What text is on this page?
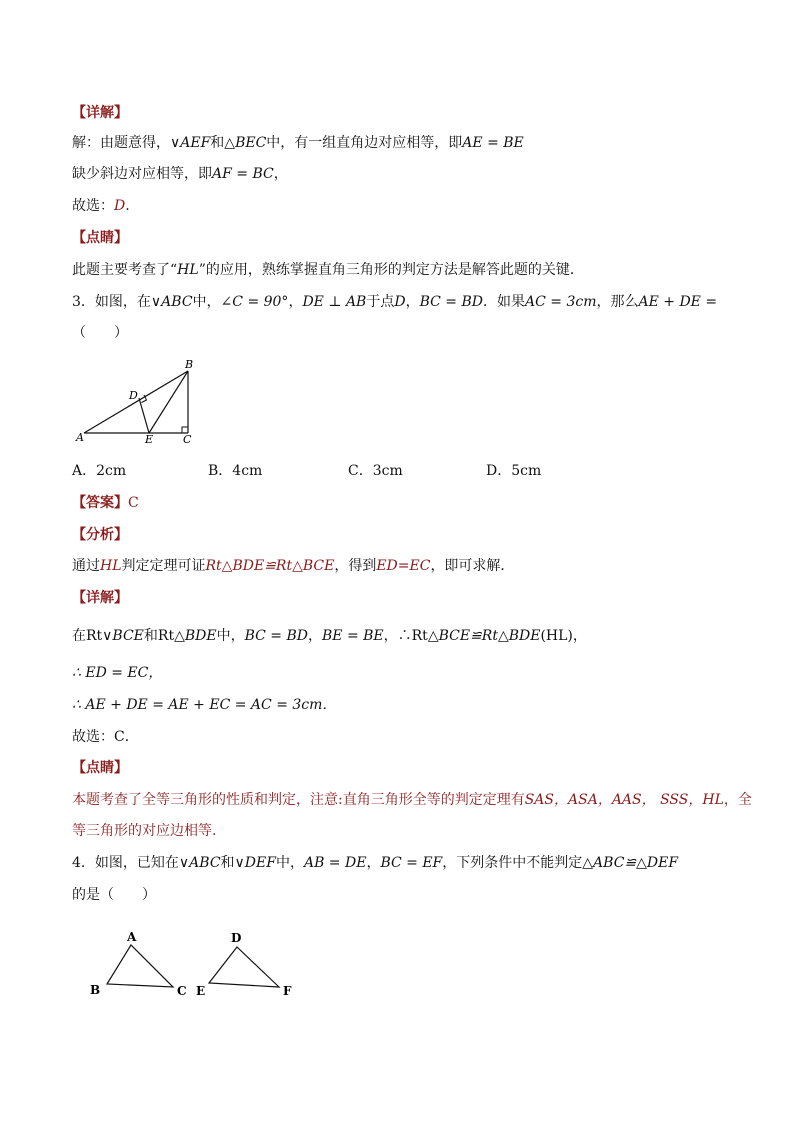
【详解】
解：由题意得，∨AEF和△BEC中，有一组直角边对应相等，即AE = BE
缺少斜边对应相等，即AF = BC，
故选：D.
【点睛】
此题主要考查了“HL”的应用，熟练掌握直角三角形的判定方法是解答此题的关键．
3．如图，在∨ABC中，∠C = 90°，DE ⊥ AB于点D，BC = BD．如果AC = 3cm，那么AE + DE =
（　　）
A
B
C
D
E
A．2cm	B．4cm	C．3cm	D．5cm
【答案】C
【分析】
通过HL判定定理可证Rt△BDE≌Rt△BCE，得到ED=EC，即可求解．
【详解】
在Rt∨BCE和Rt△BDE中，BC = BD，BE = BE，∴Rt△BCE≌Rt△BDE(HL)，
∴ ED = EC，
∴ AE + DE = AE + EC = AC = 3cm．
故选：C．
【点睛】
本题考查了全等三角形的性质和判定，注意:直角三角形全等的判定定理有SAS，ASA，AAS， SSS，HL，全
等三角形的对应边相等.
4．如图，已知在∨ABC和∨DEF中，AB = DE，BC = EF，下列条件中不能判定△ABC≌△DEF
的是（　　）
A
B	C
D
E	F
